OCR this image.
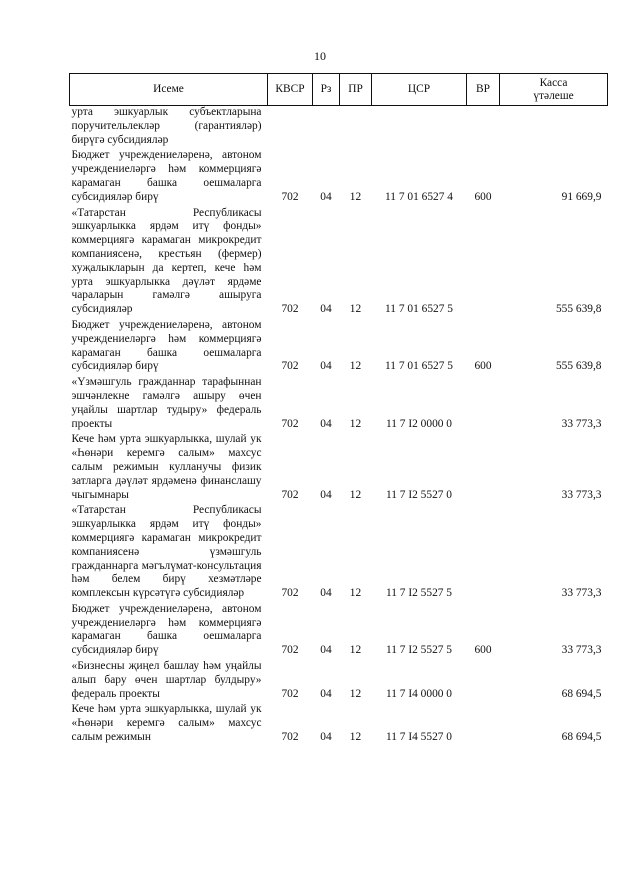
10
Исеме	КВСР	Рз	ПР	ЦСР	ВР	Касса
үтәлеше
урта эшкуарлык субъектларына поручительлекләр (гарантияләр) бирүгә субсидияләр						
Бюджет учреждениеләренә, автоном учреждениеләргә һәм коммерциягә карамаган башка оешмаларга субсидияләр бирү	702	04	12	11 7 01 6527 4	600	91 669,9
«Татарстан Республикасы эшкуарлыкка ярдәм итү фонды» коммерциягә карамаган микрокредит компаниясенә, крестьян (фермер) хуҗалыкларын да кертеп, кече һәм урта эшкуарлыкка дәүләт ярдәме чараларын гамәлгә ашыруга субсидияләр	702	04	12	11 7 01 6527 5		555 639,8
Бюджет учреждениеләренә, автоном учреждениеләргә һәм коммерциягә карамаган башка оешмаларга субсидияләр бирү	702	04	12	11 7 01 6527 5	600	555 639,8
«Үзмәшгуль гражданнар тарафыннан эшчәнлекне гамәлгә ашыру өчен уңайлы шартлар тудыру» федераль проекты	702	04	12	11 7 I2 0000 0		33 773,3
Кече һәм урта эшкуарлыкка, шулай ук «Һөнәри керемгә салым» махсус салым режимын кулланучы физик затларга дәүләт ярдәменә финанслашу чыгымнары	702	04	12	11 7 I2 5527 0		33 773,3
«Татарстан Республикасы эшкуарлыкка ярдәм итү фонды» коммерциягә карамаган микрокредит компаниясенә үзмәшгуль гражданнарга мәгълүмат-консультация һәм белем бирү хезмәтләре комплексын күрсәтүгә субсидияләр	702	04	12	11 7 I2 5527 5		33 773,3
Бюджет учреждениеләренә, автоном учреждениеләргә һәм коммерциягә карамаган башка оешмаларга субсидияләр бирү	702	04	12	11 7 I2 5527 5	600	33 773,3
«Бизнесны җиңел башлау һәм уңайлы алып бару өчен шартлар булдыру» федераль проекты	702	04	12	11 7 I4 0000 0		68 694,5
Кече һәм урта эшкуарлыкка, шулай ук «Һөнәри керемгә салым» махсус салым режимын	702	04	12	11 7 I4 5527 0		68 694,5
